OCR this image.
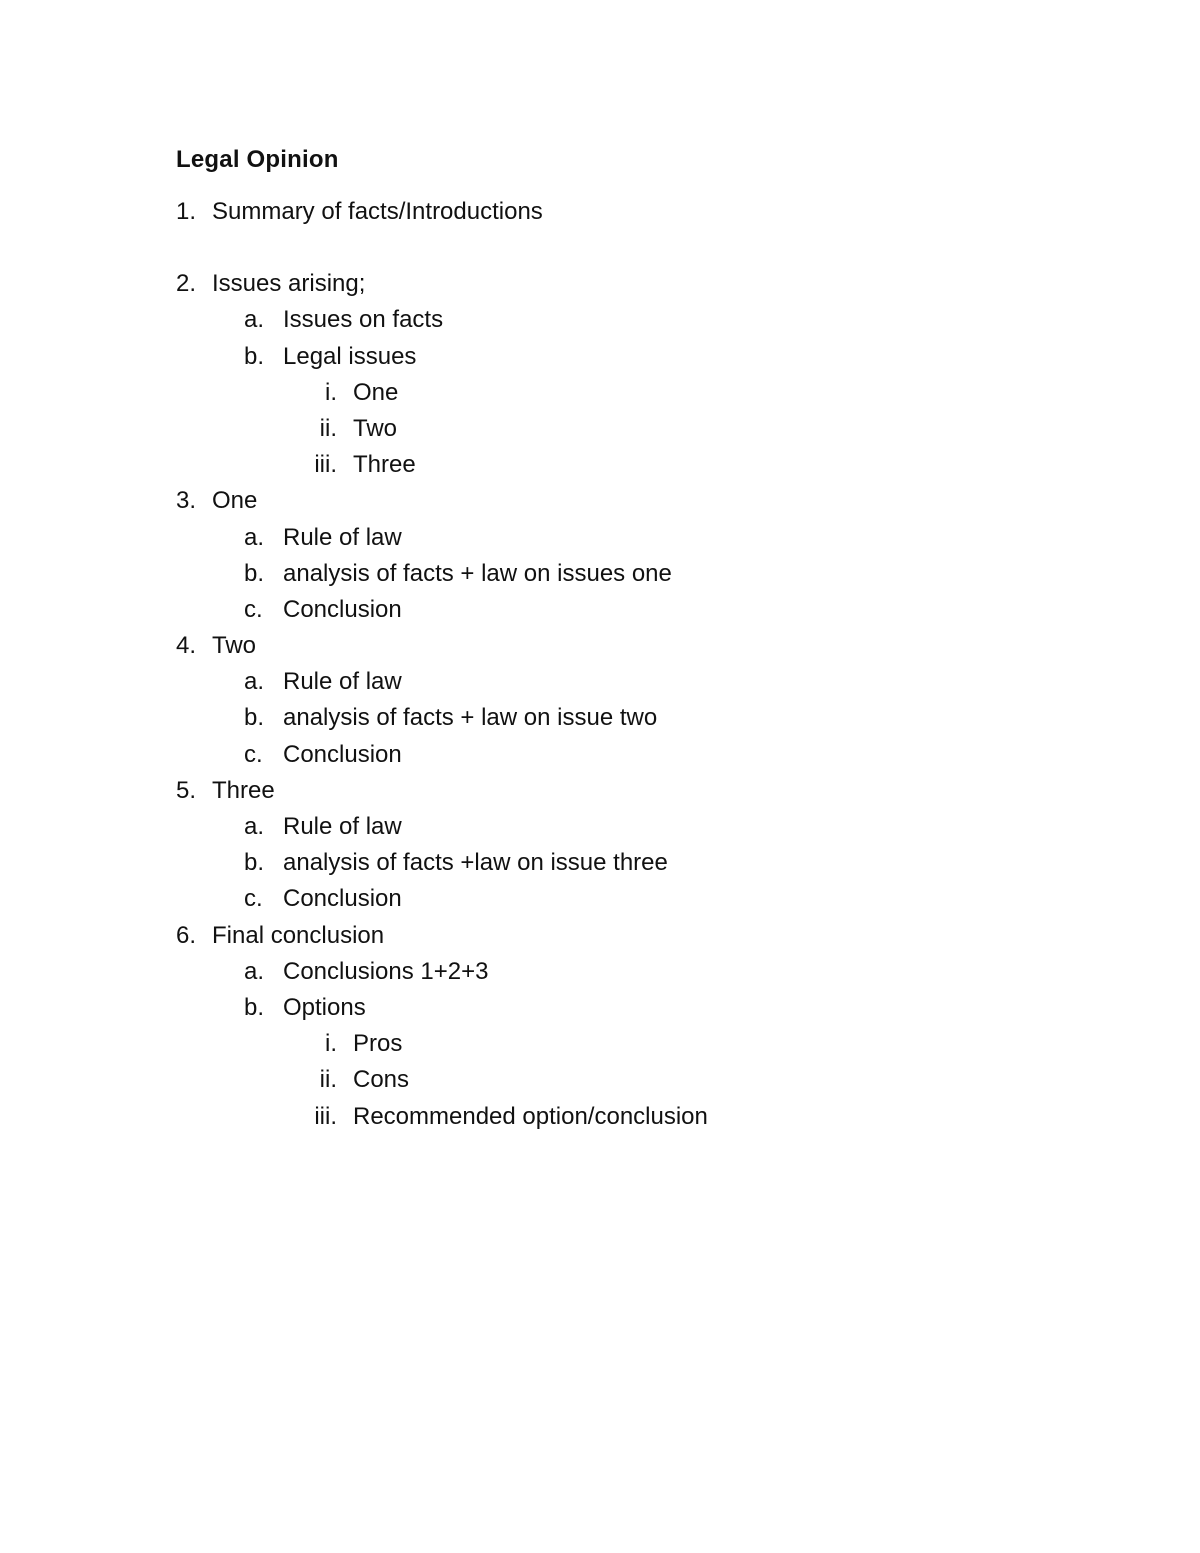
Legal Opinion
1. Summary of facts/Introductions
2. Issues arising;
a. Issues on facts
b. Legal issues
i. One
ii. Two
iii. Three
3. One
a. Rule of law
b. analysis of facts + law on issues one
c. Conclusion
4. Two
a. Rule of law
b. analysis of facts + law on issue two
c. Conclusion
5. Three
a. Rule of law
b. analysis of facts +law on issue three
c. Conclusion
6. Final conclusion
a. Conclusions 1+2+3
b. Options
i. Pros
ii. Cons
iii. Recommended option/conclusion
